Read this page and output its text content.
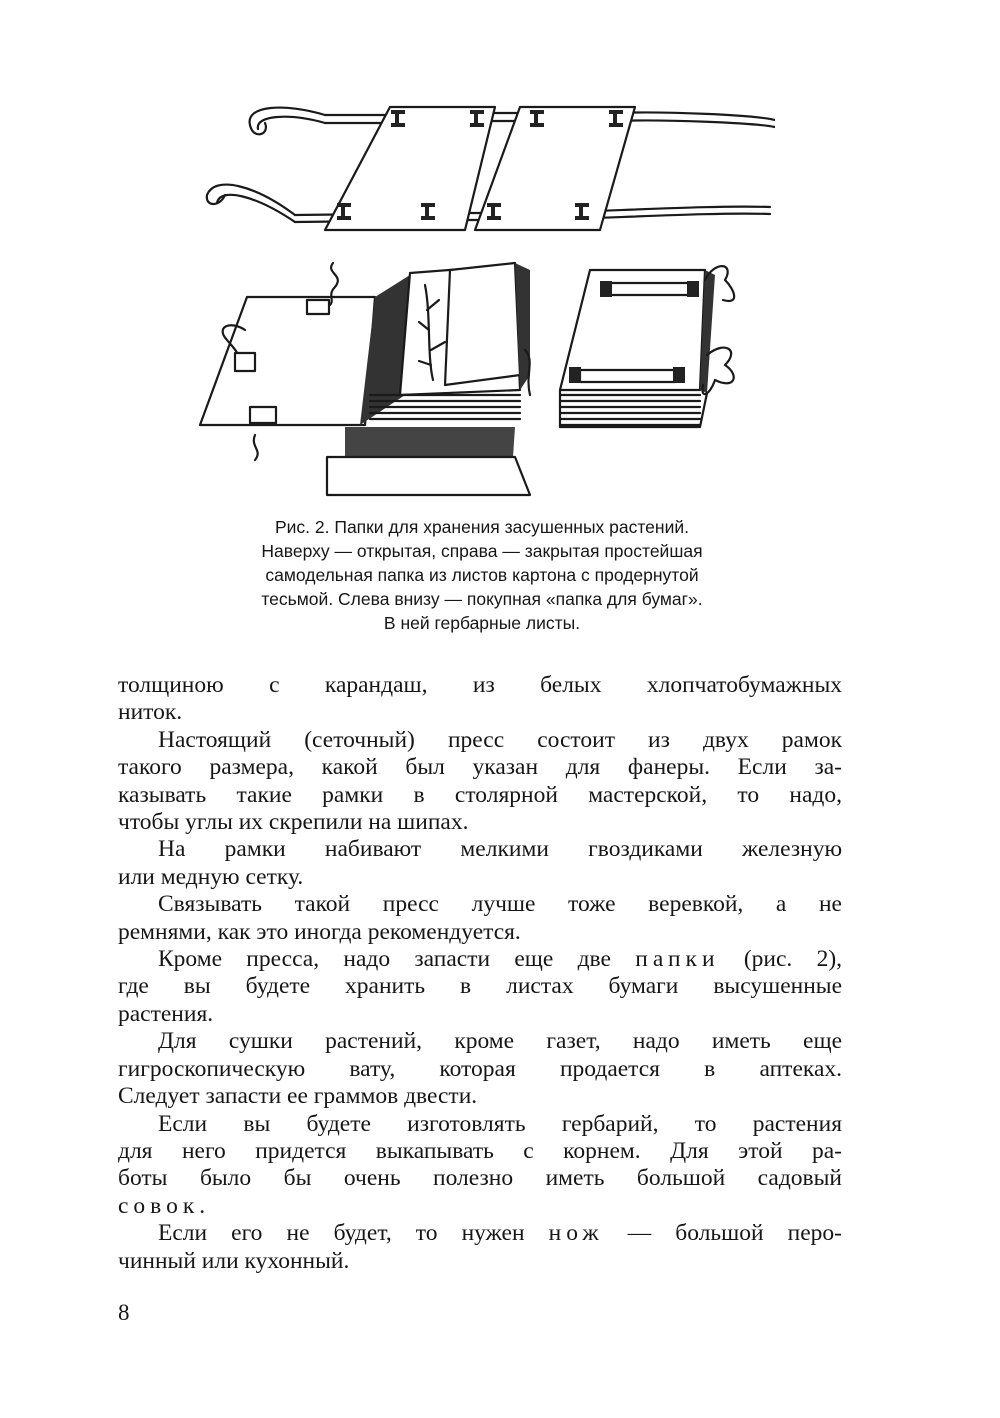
Рис. 2. Папки для хранения засушенных растений.
Наверху — открытая, справа — закрытая простейшая
самодельная папка из листов картона с продернутой
тесьмой. Слева внизу — покупная «папка для бумаг».
В ней гербарные листы.
толщиною с карандаш, из белых хлопчатобумажных
ниток.
Настоящий (сеточный) пресс состоит из двух рамок
такого размера, какой был указан для фанеры. Если за-
казывать такие рамки в столярной мастерской, то надо,
чтобы углы их скрепили на шипах.
На рамки набивают мелкими гвоздиками железную
или медную сетку.
Связывать такой пресс лучше тоже веревкой, а не
ремнями, как это иногда рекомендуется.
Кроме пресса, надо запасти еще две папки (рис. 2),
где вы будете хранить в листах бумаги высушенные
растения.
Для сушки растений, кроме газет, надо иметь еще
гигроскопическую вату, которая продается в аптеках.
Следует запасти ее граммов двести.
Если вы будете изготовлять гербарий, то растения
для него придется выкапывать с корнем. Для этой ра-
боты было бы очень полезно иметь большой садовый
совок.
Если его не будет, то нужен нож — большой перо-
чинный или кухонный.
8
